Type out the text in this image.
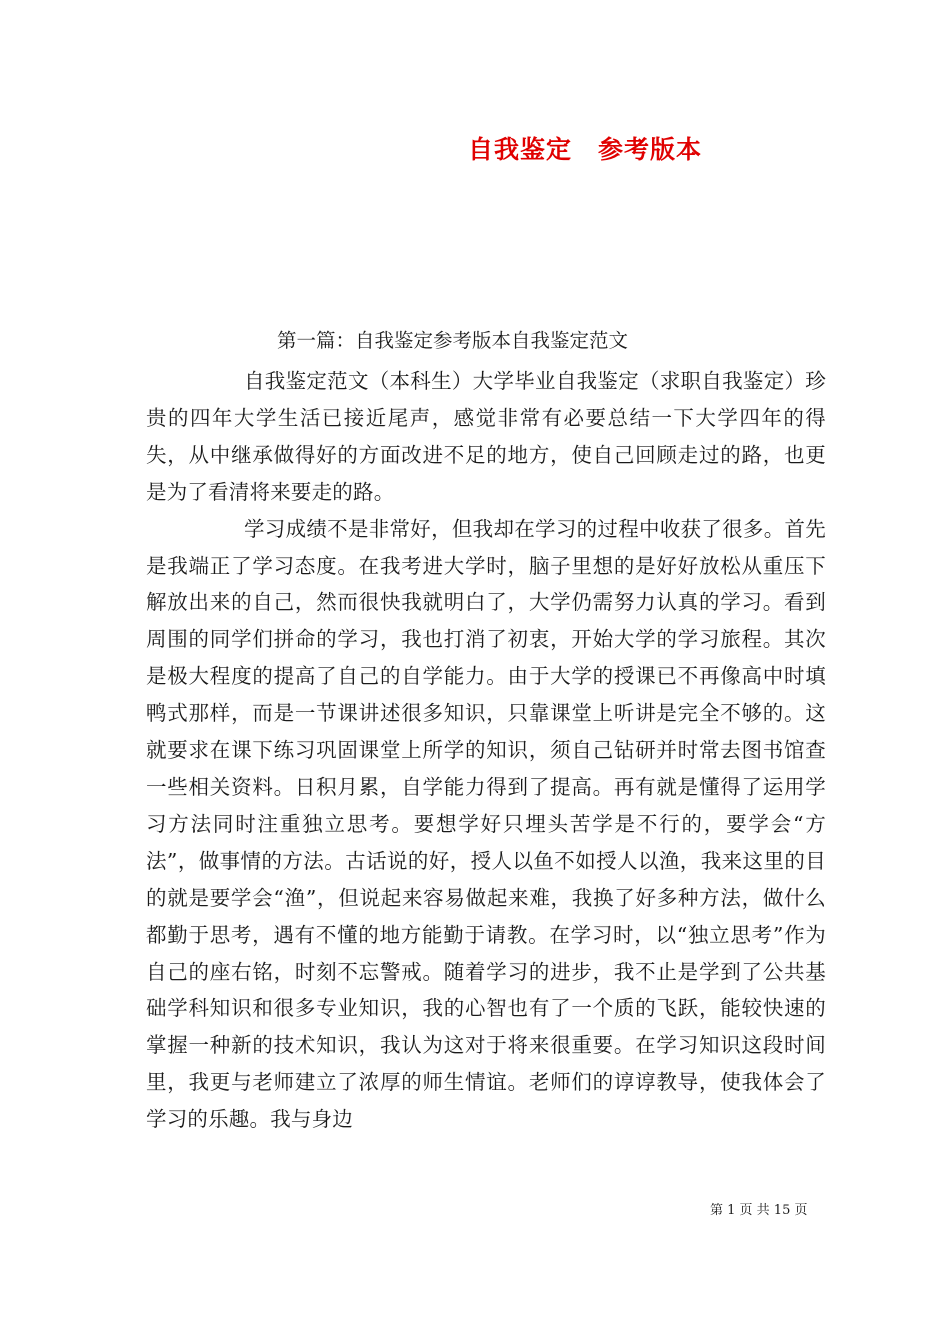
自我鉴定　参考版本
第一篇：自我鉴定参考版本自我鉴定范文

自我鉴定范文（本科生）大学毕业自我鉴定（求职自我鉴定）珍贵的四年大学生活已接近尾声，感觉非常有必要总结一下大学四年的得失，从中继承做得好的方面改进不足的地方，使自己回顾走过的路，也更是为了看清将来要走的路。

学习成绩不是非常好，但我却在学习的过程中收获了很多。首先是我端正了学习态度。在我考进大学时，脑子里想的是好好放松从重压下解放出来的自己，然而很快我就明白了，大学仍需努力认真的学习。看到周围的同学们拼命的学习，我也打消了初衷，开始大学的学习旅程。其次是极大程度的提高了自己的自学能力。由于大学的授课已不再像高中时填鸭式那样，而是一节课讲述很多知识，只靠课堂上听讲是完全不够的。这就要求在课下练习巩固课堂上所学的知识，须自己钻研并时常去图书馆查一些相关资料。日积月累，自学能力得到了提高。再有就是懂得了运用学习方法同时注重独立思考。要想学好只埋头苦学是不行的，要学会“方法”，做事情的方法。古话说的好，授人以鱼不如授人以渔，我来这里的目的就是要学会“渔”，但说起来容易做起来难，我换了好多种方法，做什么都勤于思考，遇有不懂的地方能勤于请教。在学习时，以“独立思考”作为自己的座右铭，时刻不忘警戒。随着学习的进步，我不止是学到了公共基础学科知识和很多专业知识，我的心智也有了一个质的飞跃，能较快速的掌握一种新的技术知识，我认为这对于将来很重要。在学习知识这段时间里，我更与老师建立了浓厚的师生情谊。老师们的谆谆教导，使我体会了学习的乐趣。我与身边

第 1 页 共 15 页
